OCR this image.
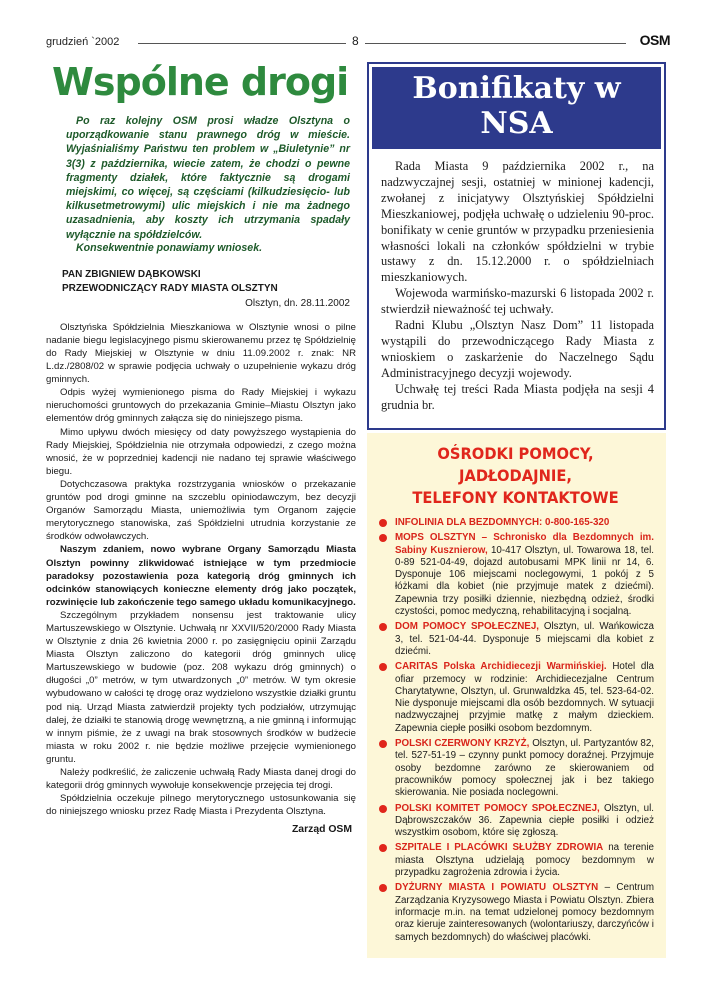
grudzień `2002	8	OSM
Wspólne drogi

Po raz kolejny OSM prosi władze Olsztyna o uporządkowanie stanu prawnego dróg w mieście. Wyjaśnialiśmy Państwu ten problem w „Biuletynie” nr 3(3) z października, wiecie zatem, że chodzi o pewne fragmenty działek, które faktycznie są drogami miejskimi, co więcej, są częściami (kilkudziesięcio- lub kilkusetmetrowymi) ulic miejskich i nie ma żadnego uzasadnienia, aby koszty ich utrzymania spadały wyłącznie na spółdzielców.

Konsekwentnie ponawiamy wniosek.

PAN ZBIGNIEW DĄBKOWSKI
PRZEWODNICZĄCY RADY MIASTA OLSZTYN
Olsztyn, dn. 28.11.2002

Olsztyńska Spółdzielnia Mieszkaniowa w Olsztynie wnosi o pilne nadanie biegu legislacyjnego pismu skierowanemu przez tę Spółdzielnię do Rady Miejskiej w Olsztynie w dniu 11.09.2002 r. znak: NR L.dz./2808/02 w sprawie podjęcia uchwały o uzupełnienie wykazu dróg gminnych.

Odpis wyżej wymienionego pisma do Rady Miejskiej i wykazu nieruchomości gruntowych do przekazania Gminie–Miastu Olsztyn jako elementów dróg gminnych załącza się do niniejszego pisma.

Mimo upływu dwóch miesięcy od daty powyższego wystąpienia do Rady Miejskiej, Spółdzielnia nie otrzymała odpowiedzi, z czego można wnosić, że w poprzedniej kadencji nie nadano tej sprawie właściwego biegu.

Dotychczasowa praktyka rozstrzygania wniosków o przekazanie gruntów pod drogi gminne na szczeblu opiniodawczym, bez decyzji Organów Samorządu Miasta, uniemożliwia tym Organom zajęcie merytorycznego stanowiska, zaś Spółdzielni utrudnia korzystanie ze środków odwoławczych.

Naszym zdaniem, nowo wybrane Organy Samorządu Miasta Olsztyn powinny zlikwidować istniejące w tym przedmiocie paradoksy pozostawienia poza kategorią dróg gminnych ich odcinków stanowiących konieczne elementy dróg jako początek, rozwinięcie lub zakończenie tego samego układu komunikacyjnego.

Szczególnym przykładem nonsensu jest traktowanie ulicy Martuszewskiego w Olsztynie. Uchwałą nr XXVII/520/2000 Rady Miasta w Olsztynie z dnia 26 kwietnia 2000 r. po zasięgnięciu opinii Zarządu Miasta Olsztyn zaliczono do kategorii dróg gminnych ulicę Martuszewskiego w budowie (poz. 208 wykazu dróg gminnych) o długości „0” metrów, w tym utwardzonych „0” metrów. W tym okresie wybudowano w całości tę drogę oraz wydzielono wszystkie działki gruntu pod nią. Urząd Miasta zatwierdził projekty tych podziałów, utrzymując dalej, że działki te stanowią drogę wewnętrzną, a nie gminną i informując w innym piśmie, że z uwagi na brak stosownych środków w budżecie miasta w roku 2002 r. nie będzie możliwe przejęcie wymienionego gruntu.

Należy podkreślić, że zaliczenie uchwałą Rady Miasta danej drogi do kategorii dróg gminnych wywołuje konsekwencje przejęcia tej drogi.

Spółdzielnia oczekuje pilnego merytorycznego ustosunkowania się do niniejszego wniosku przez Radę Miasta i Prezydenta Olsztyna.

Zarząd OSM
Bonifikaty w NSA

Rada Miasta 9 października 2002 r., na nadzwyczajnej sesji, ostatniej w minionej kadencji, zwołanej z inicjatywy Olsztyńskiej Spółdzielni Mieszkaniowej, podjęła uchwałę o udzieleniu 90-proc. bonifikaty w cenie gruntów w przypadku przeniesienia własności lokali na członków spółdzielni w trybie ustawy z dn. 15.12.2000 r. o spółdzielniach mieszkaniowych.

Wojewoda warmińsko-mazurski 6 listopada 2002 r. stwierdził nieważność tej uchwały.

Radni Klubu „Olsztyn Nasz Dom” 11 listopada wystąpili do przewodniczącego Rady Miasta z wnioskiem o zaskarżenie do Naczelnego Sądu Administracyjnego decyzji wojewody.

Uchwałę tej treści Rada Miasta podjęła na sesji 4 grudnia br.

OŚRODKI POMOCY, JADŁODAJNIE,
TELEFONY KONTAKTOWE
INFOLINIA DLA BEZDOMNYCH: 0-800-165-320
MOPS OLSZTYN – Schronisko dla Bezdomnych im. Sabiny Kusznierow, 10-417 Olsztyn, ul. Towarowa 18, tel. 0-89 521-04-49, dojazd autobusami MPK linii nr 14, 6. Dysponuje 106 miejscami noclegowymi, 1 pokój z 5 łóżkami dla kobiet (nie przyjmuje matek z dziećmi). Zapewnia trzy posiłki dziennie, niezbędną odzież, środki czystości, pomoc medyczną, rehabilitacyjną i socjalną.
DOM POMOCY SPOŁECZNEJ, Olsztyn, ul. Wańkowicza 3, tel. 521-04-44. Dysponuje 5 miejscami dla kobiet z dziećmi.
CARITAS Polska Archidiecezji Warmińskiej. Hotel dla ofiar przemocy w rodzinie: Archidiecezjalne Centrum Charytatywne, Olsztyn, ul. Grunwaldzka 45, tel. 523-64-02. Nie dysponuje miejscami dla osób bezdomnych. W sytuacji nadzwyczajnej przyjmie matkę z małym dzieckiem. Zapewnia ciepłe posiłki osobom bezdomnym.
POLSKI CZERWONY KRZYŻ, Olsztyn, ul. Partyzantów 82, tel. 527-51-19 – czynny punkt pomocy doraźnej. Przyjmuje osoby bezdomne zarówno ze skierowaniem od pracowników pomocy społecznej jak i bez takiego skierowania. Nie posiada noclegowni.
POLSKI KOMITET POMOCY SPOŁECZNEJ, Olsztyn, ul. Dąbrowszczaków 36. Zapewnia ciepłe posiłki i odzież wszystkim osobom, które się zgłoszą.
SZPITALE I PLACÓWKI SŁUŻBY ZDROWIA na terenie miasta Olsztyna udzielają pomocy bezdomnym w przypadku zagrożenia zdrowia i życia.
DYŻURNY MIASTA I POWIATU OLSZTYN – Centrum Zarządzania Kryzysowego Miasta i Powiatu Olsztyn. Zbiera informacje m.in. na temat udzielonej pomocy bezdomnym oraz kieruje zainteresowanych (wolontariuszy, darczyńców i samych bezdomnych) do właściwej placówki.
